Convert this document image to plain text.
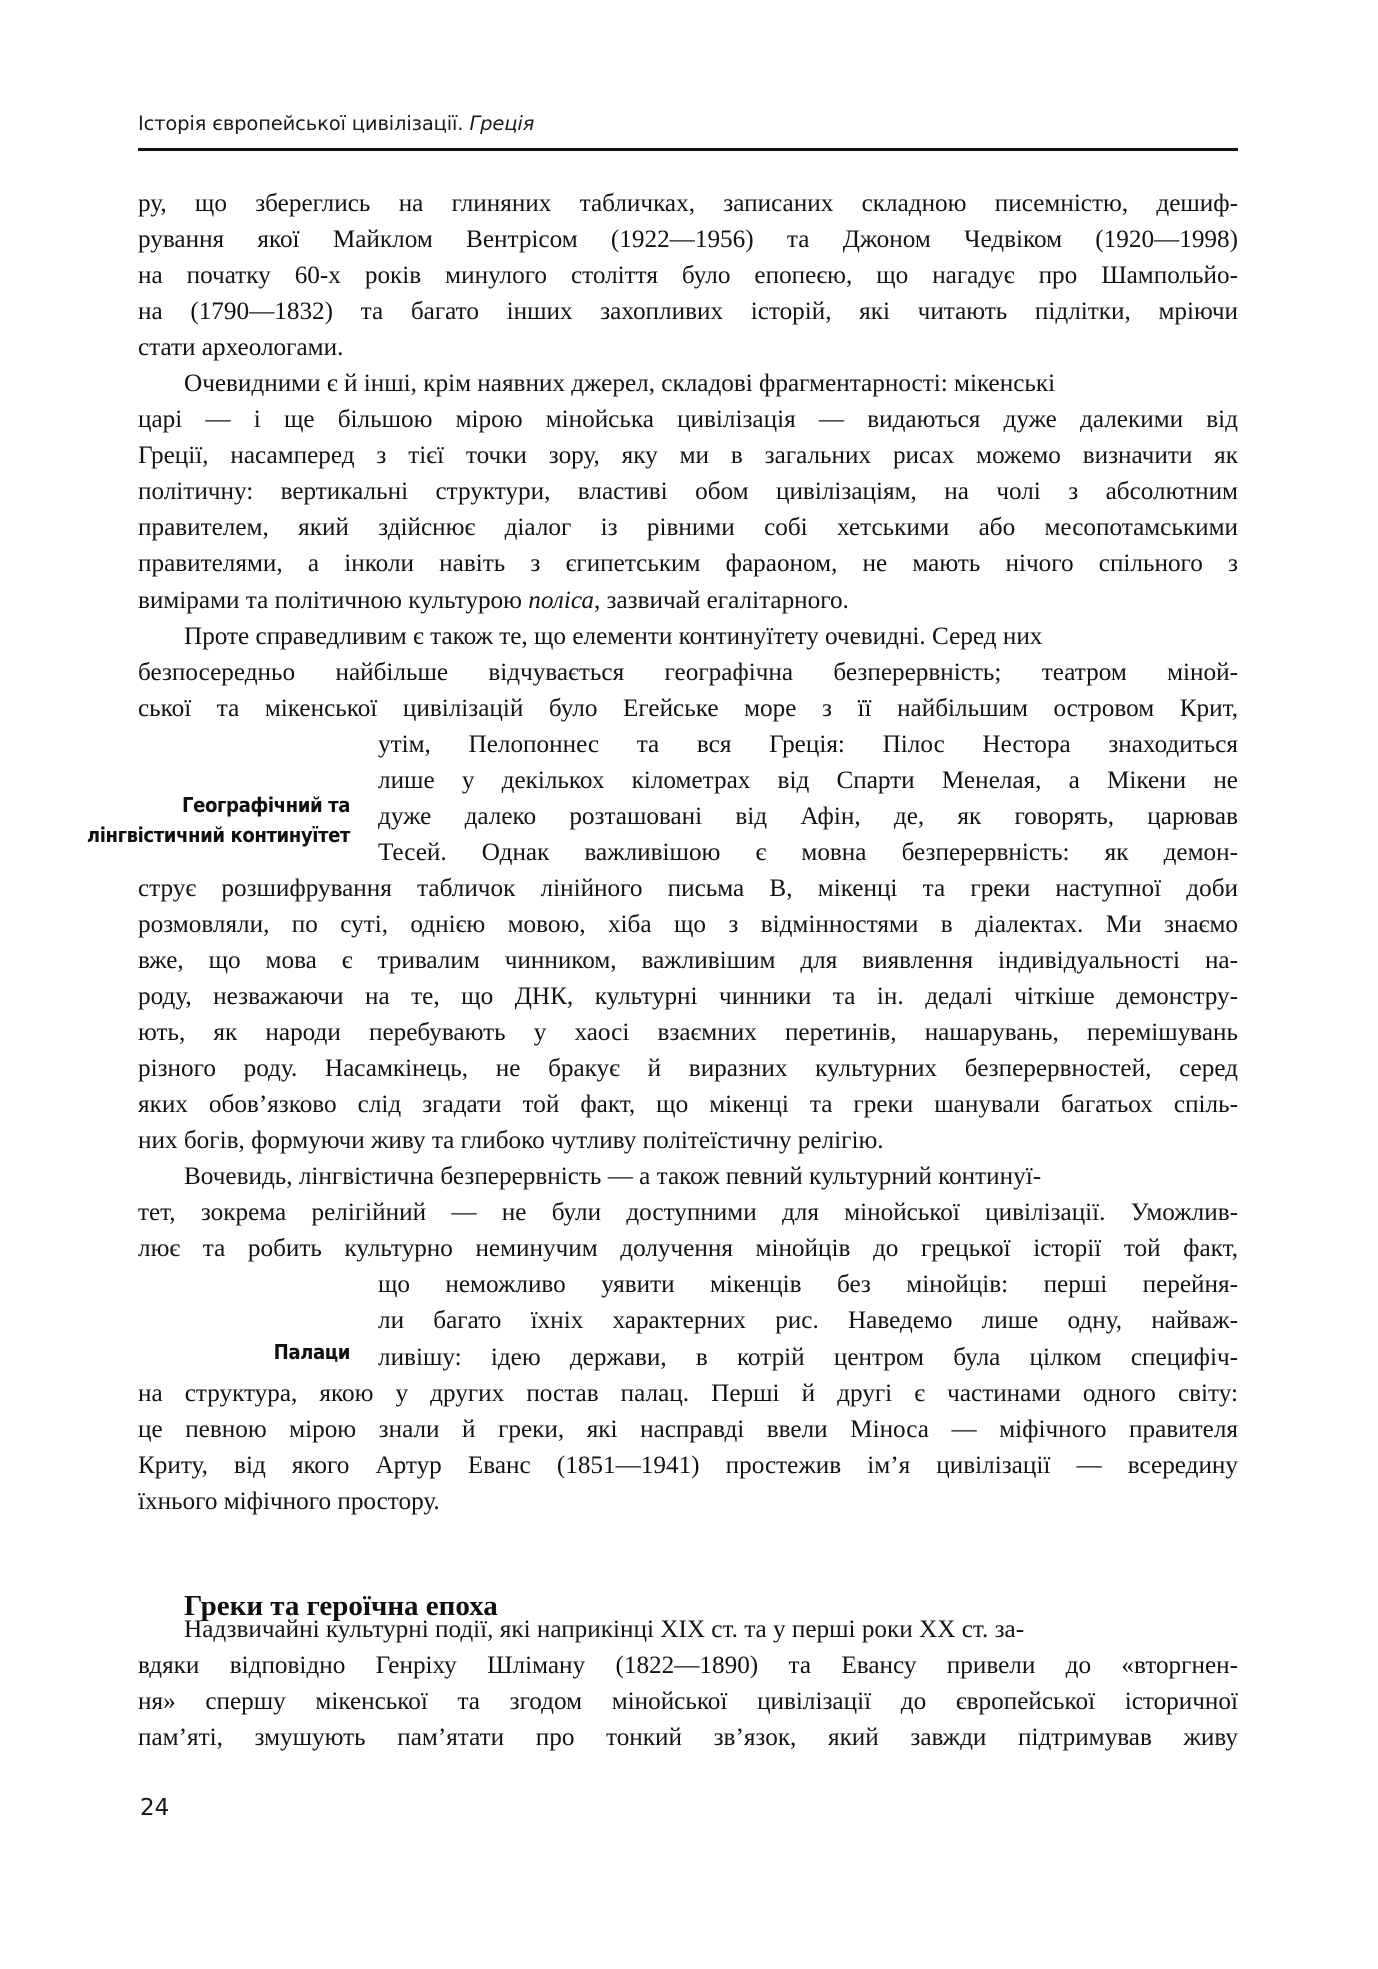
Історія європейської цивілізації. Греція

ру, що збереглись на глиняних табличках, записаних складною писемністю, дешиф-
рування якої Майклом Вентрісом (1922—1956) та Джоном Чедвіком (1920—1998)
на початку 60-х років минулого століття було епопеєю, що нагадує про Шампольйо-
на (1790—1832) та багато інших захопливих історій, які читають підлітки, мріючи
стати археологами.

Очевидними є й інші, крім наявних джерел, складові фрагментарності: мікенські
царі — і ще більшою мірою мінойська цивілізація — видаються дуже далекими від
Греції, насамперед з тієї точки зору, яку ми в загальних рисах можемо визначити як
політичну: вертикальні структури, властиві обом цивілізаціям, на чолі з абсолютним
правителем, який здійснює діалог із рівними собі хетськими або месопотамськими
правителями, а інколи навіть з єгипетським фараоном, не мають нічого спільного з
вимірами та політичною культурою поліса, зазвичай егалітарного.

Проте справедливим є також те, що елементи континуїтету очевидні. Серед них
безпосередньо найбільше відчувається географічна безперервність; театром міной-
ської та мікенської цивілізацій було Егейське море з її найбільшим островом Крит,
утім, Пелопоннес та вся Греція: Пілос Нестора знаходиться
лише у декількох кілометрах від Спарти Менелая, а Мікени не
дуже далеко розташовані від Афін, де, як говорять, царював
Тесей. Однак важливішою є мовна безперервність: як демон-
струє розшифрування табличок лінійного письма В, мікенці та греки наступної доби
розмовляли, по суті, однією мовою, хіба що з відмінностями в діалектах. Ми знаємо
вже, що мова є тривалим чинником, важливішим для виявлення індивідуальності на-
роду, незважаючи на те, що ДНК, культурні чинники та ін. дедалі чіткіше демонстру-
ють, як народи перебувають у хаосі взаємних перетинів, нашарувань, перемішувань
різного роду. Насамкінець, не бракує й виразних культурних безперервностей, серед
яких обов’язково слід згадати той факт, що мікенці та греки шанували багатьох спіль-
них богів, формуючи живу та глибоко чутливу політеїстичну релігію.

Вочевидь, лінгвістична безперервність — а також певний культурний континуї-
тет, зокрема релігійний — не були доступними для мінойської цивілізації. Уможлив-
лює та робить культурно неминучим долучення мінойців до грецької історії той факт,
що неможливо уявити мікенців без мінойців: перші перейня-
ли багато їхніх характерних рис. Наведемо лише одну, найваж-
ливішу: ідею держави, в котрій центром була цілком специфіч-
на структура, якою у других постав палац. Перші й другі є частинами одного світу:
це певною мірою знали й греки, які насправді ввели Міноса — міфічного правителя
Криту, від якого Артур Еванс (1851—1941) простежив ім’я цивілізації — всередину
їхнього міфічного простору.

Надзвичайні культурні події, які наприкінці XIX ст. та у перші роки XX ст. за-
вдяки відповідно Генріху Шліману (1822—1890) та Евансу привели до «вторгнен-
ня» спершу мікенської та згодом мінойської цивілізації до європейської історичної
пам’яті, змушують пам’ятати про тонкий зв’язок, який завжди підтримував живу

Географічний та
лінгвістичний континуїтет
Палаци
Греки та героїчна епоха
24
